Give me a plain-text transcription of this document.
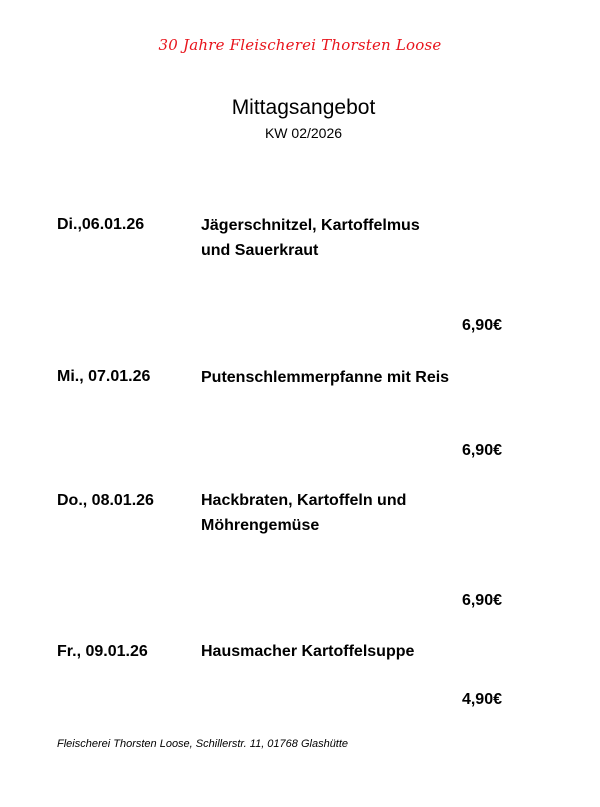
30 Jahre Fleischerei Thorsten Loose
Mittagsangebot
KW 02/2026
Di.,06.01.26	Jägerschnitzel, Kartoffelmus
und Sauerkraut
6,90€
Mi., 07.01.26	Putenschlemmerpfanne mit Reis
6,90€
Do., 08.01.26	Hackbraten, Kartoffeln und
Möhrengemüse
6,90€
Fr., 09.01.26	Hausmacher Kartoffelsuppe
4,90€
Fleischerei Thorsten Loose, Schillerstr. 11, 01768 Glashütte
